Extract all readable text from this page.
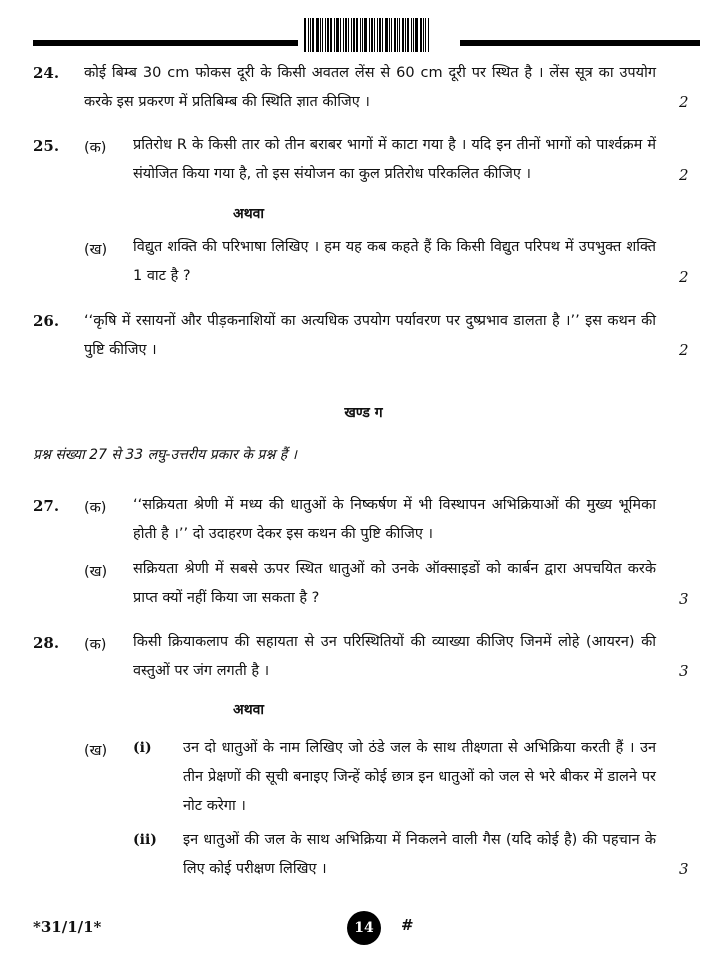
24. कोई बिम्ब 30 cm फोकस दूरी के किसी अवतल लेंस से 60 cm दूरी पर स्थित है । लेंस सूत्र का उपयोग करके इस प्रकरण में प्रतिबिम्ब की स्थिति ज्ञात कीजिए ।	2
25. (क) प्रतिरोध R के किसी तार को तीन बराबर भागों में काटा गया है । यदि इन तीनों भागों को पार्श्वक्रम में संयोजित किया गया है, तो इस संयोजन का कुल प्रतिरोध परिकलित कीजिए ।	2
अथवा
(ख) विद्युत शक्ति की परिभाषा लिखिए । हम यह कब कहते हैं कि किसी विद्युत परिपथ में उपभुक्त शक्ति 1 वाट है ?	2
26. ‘‘कृषि में रसायनों और पीड़कनाशियों का अत्यधिक उपयोग पर्यावरण पर दुष्प्रभाव डालता है ।’’ इस कथन की पुष्टि कीजिए ।	2
खण्ड ग
प्रश्न संख्या 27 से 33 लघु-उत्तरीय प्रकार के प्रश्न हैं ।
27. (क) ‘‘सक्रियता श्रेणी में मध्य की धातुओं के निष्कर्षण में भी विस्थापन अभिक्रियाओं की मुख्य भूमिका होती है ।’’ दो उदाहरण देकर इस कथन की पुष्टि कीजिए ।
(ख) सक्रियता श्रेणी में सबसे ऊपर स्थित धातुओं को उनके ऑक्साइडों को कार्बन द्वारा अपचयित करके प्राप्त क्यों नहीं किया जा सकता है ?	3
28. (क) किसी क्रियाकलाप की सहायता से उन परिस्थितियों की व्याख्या कीजिए जिनमें लोहे (आयरन) की वस्तुओं पर जंग लगती है ।	3
अथवा
(ख) (i) उन दो धातुओं के नाम लिखिए जो ठंडे जल के साथ तीक्ष्णता से अभिक्रिया करती हैं । उन तीन प्रेक्षणों की सूची बनाइए जिन्हें कोई छात्र इन धातुओं को जल से भरे बीकर में डालने पर नोट करेगा ।
(ii) इन धातुओं की जल के साथ अभिक्रिया में निकलने वाली गैस (यदि कोई है) की पहचान के लिए कोई परीक्षण लिखिए ।	3
*31/1/1*	14	#
